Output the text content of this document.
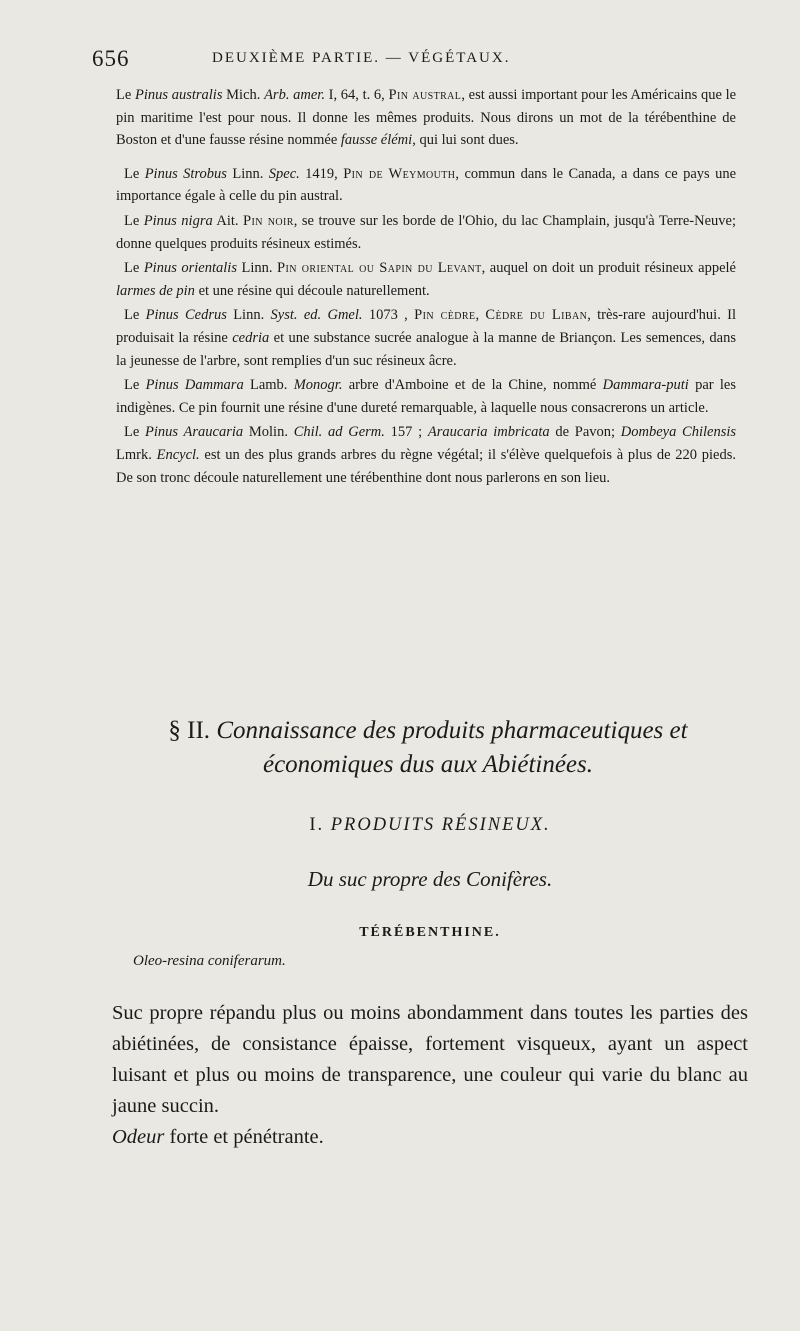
656	DEUXIÈME PARTIE. — VÉGÉTAUX.

Le Pinus australis Mich. Arb. amer. I, 64, t. 6, Pin austral, est aussi important pour les Américains que le pin maritime l'est pour nous. Il donne les mêmes produits. Nous dirons un mot de la térébenthine de Boston et d'une fausse résine nommée fausse élémi, qui lui sont dues.

Le Pinus Strobus Linn. Spec. 1419, Pin de Weymouth, commun dans le Canada, a dans ce pays une importance égale à celle du pin austral.

Le Pinus nigra Ait. Pin noir, se trouve sur les borde de l'Ohio, du lac Champlain, jusqu'à Terre-Neuve; donne quelques produits résineux estimés.

Le Pinus orientalis Linn. Pin oriental ou Sapin du Levant, auquel on doit un produit résineux appelé larmes de pin et une résine qui découle naturellement.

Le Pinus Cedrus Linn. Syst. ed. Gmel. 1073 , Pin cèdre, Cèdre du Liban, très-rare aujourd'hui. Il produisait la résine cedria et une substance sucrée analogue à la manne de Briançon. Les semences, dans la jeunesse de l'arbre, sont remplies d'un suc résineux âcre.

Le Pinus Dammara Lamb. Monogr. arbre d'Amboine et de la Chine, nommé Dammara-puti par les indigènes. Ce pin fournit une résine d'une dureté remarquable, à laquelle nous consacrerons un article.

Le Pinus Araucaria Molin. Chil. ad Germ. 157 ; Araucaria imbricata de Pavon; Dombeya Chilensis Lmrk. Encycl. est un des plus grands arbres du règne végétal; il s'élève quelquefois à plus de 220 pieds. De son tronc découle naturellement une térébenthine dont nous parlerons en son lieu.

§ II. Connaissance des produits pharmaceutiques et économiques dus aux Abiétinées.
I. PRODUITS RÉSINEUX.
Du suc propre des Conifères.
TÉRÉBENTHINE.
Oleo-resina coniferarum.

Suc propre répandu plus ou moins abondamment dans toutes les parties des abiétinées, de consistance épaisse, fortement visqueux, ayant un aspect luisant et plus ou moins de transparence, une couleur qui varie du blanc au jaune succin.

Odeur forte et pénétrante.
